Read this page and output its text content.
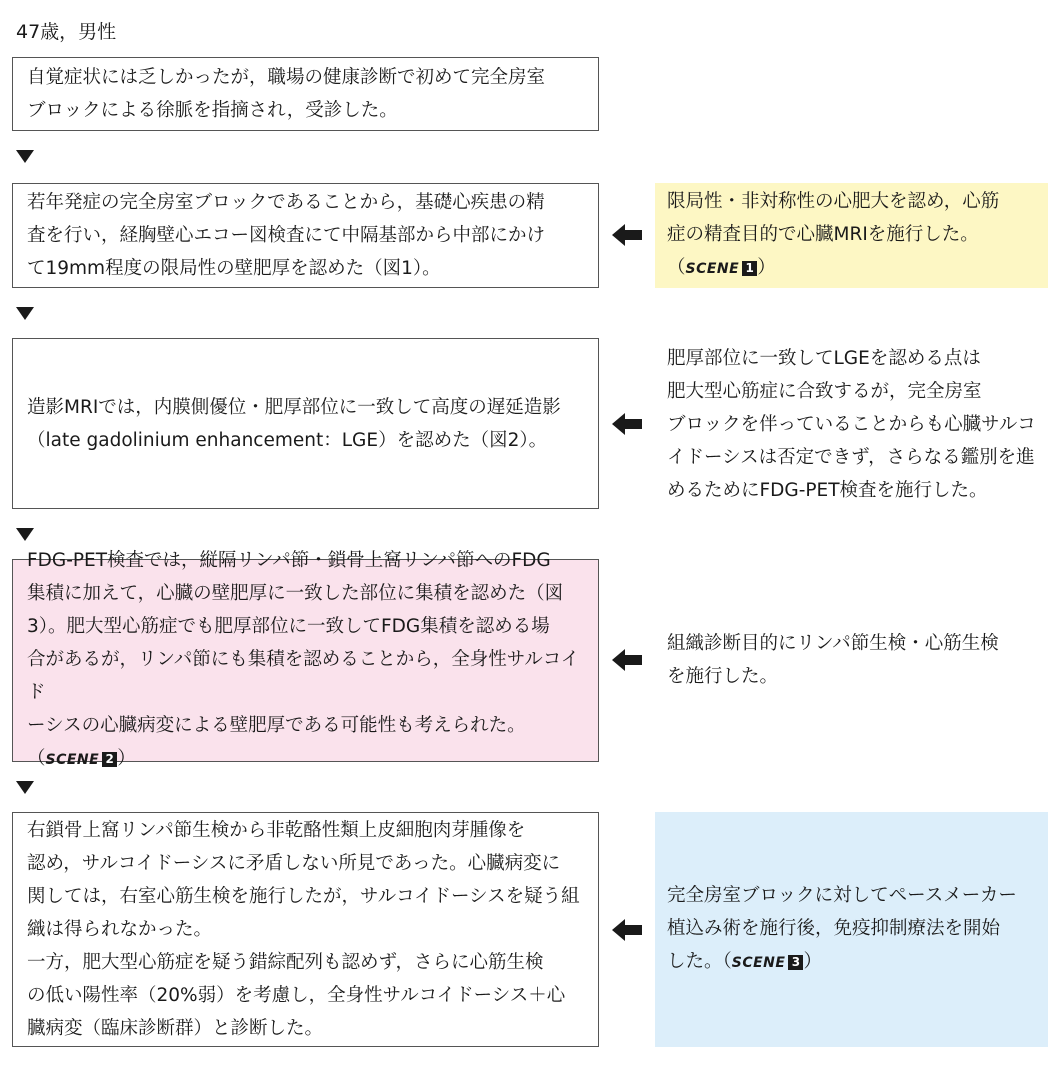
47歳，男性

自覚症状には乏しかったが，職場の健康診断で初めて完全房室

ブロックによる徐脈を指摘され，受診した。

若年発症の完全房室ブロックであることから，基礎心疾患の精

査を行い，経胸壁心エコー図検査にて中隔基部から中部にかけ

て19mm程度の限局性の壁肥厚を認めた（図1）。

限局性・非対称性の心肥大を認め，心筋
症の精査目的で心臓MRIを施行した。
（SCENE 1 ）

造影MRIでは，内膜側優位・肥厚部位に一致して高度の遅延造影

（late gadolinium enhancement：LGE）を認めた（図2）。

肥厚部位に一致してLGEを認める点は
肥大型心筋症に合致するが，完全房室
ブロックを伴っていることからも心臓サルコ
イドーシスは否定できず，さらなる鑑別を進
めるためにFDG-PET検査を施行した。

FDG-PET検査では，縦隔リンパ節・鎖骨上窩リンパ節へのFDG

集積に加えて，心臓の壁肥厚に一致した部位に集積を認めた（図

3）。肥大型心筋症でも肥厚部位に一致してFDG集積を認める場

合があるが，リンパ節にも集積を認めることから，全身性サルコイド

ーシスの心臓病変による壁肥厚である可能性も考えられた。

（SCENE 2 ）

組織診断目的にリンパ節生検・心筋生検
を施行した。

右鎖骨上窩リンパ節生検から非乾酪性類上皮細胞肉芽腫像を

認め，サルコイドーシスに矛盾しない所見であった。心臓病変に

関しては，右室心筋生検を施行したが，サルコイドーシスを疑う組

織は得られなかった。

一方，肥大型心筋症を疑う錯綜配列も認めず，さらに心筋生検

の低い陽性率（20%弱）を考慮し，全身性サルコイドーシス＋心

臓病変（臨床診断群）と診断した。

完全房室ブロックに対してペースメーカー
植込み術を施行後，免疫抑制療法を開始
した。（SCENE 3 ）
